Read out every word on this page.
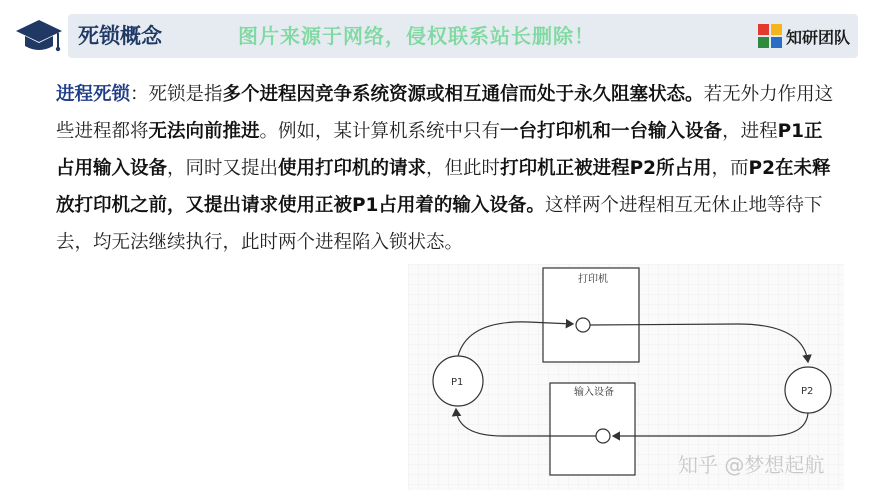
死锁概念	图片来源于网络，侵权联系站长删除！	知研团队
进程死锁：死锁是指多个进程因竞争系统资源或相互通信而处于永久阻塞状态。若无外力作用这些进程都将无法向前推进。例如，某计算机系统中只有一台打印机和一台输入设备，进程P1正占用输入设备，同时又提出使用打印机的请求，但此时打印机正被进程P2所占用，而P2在未释放打印机之前，又提出请求使用正被P1占用着的输入设备。这样两个进程相互无休止地等待下去，均无法继续执行，此时两个进程陷入锁状态。
打印机
输入设备
P1
P2
知乎 @梦想起航
